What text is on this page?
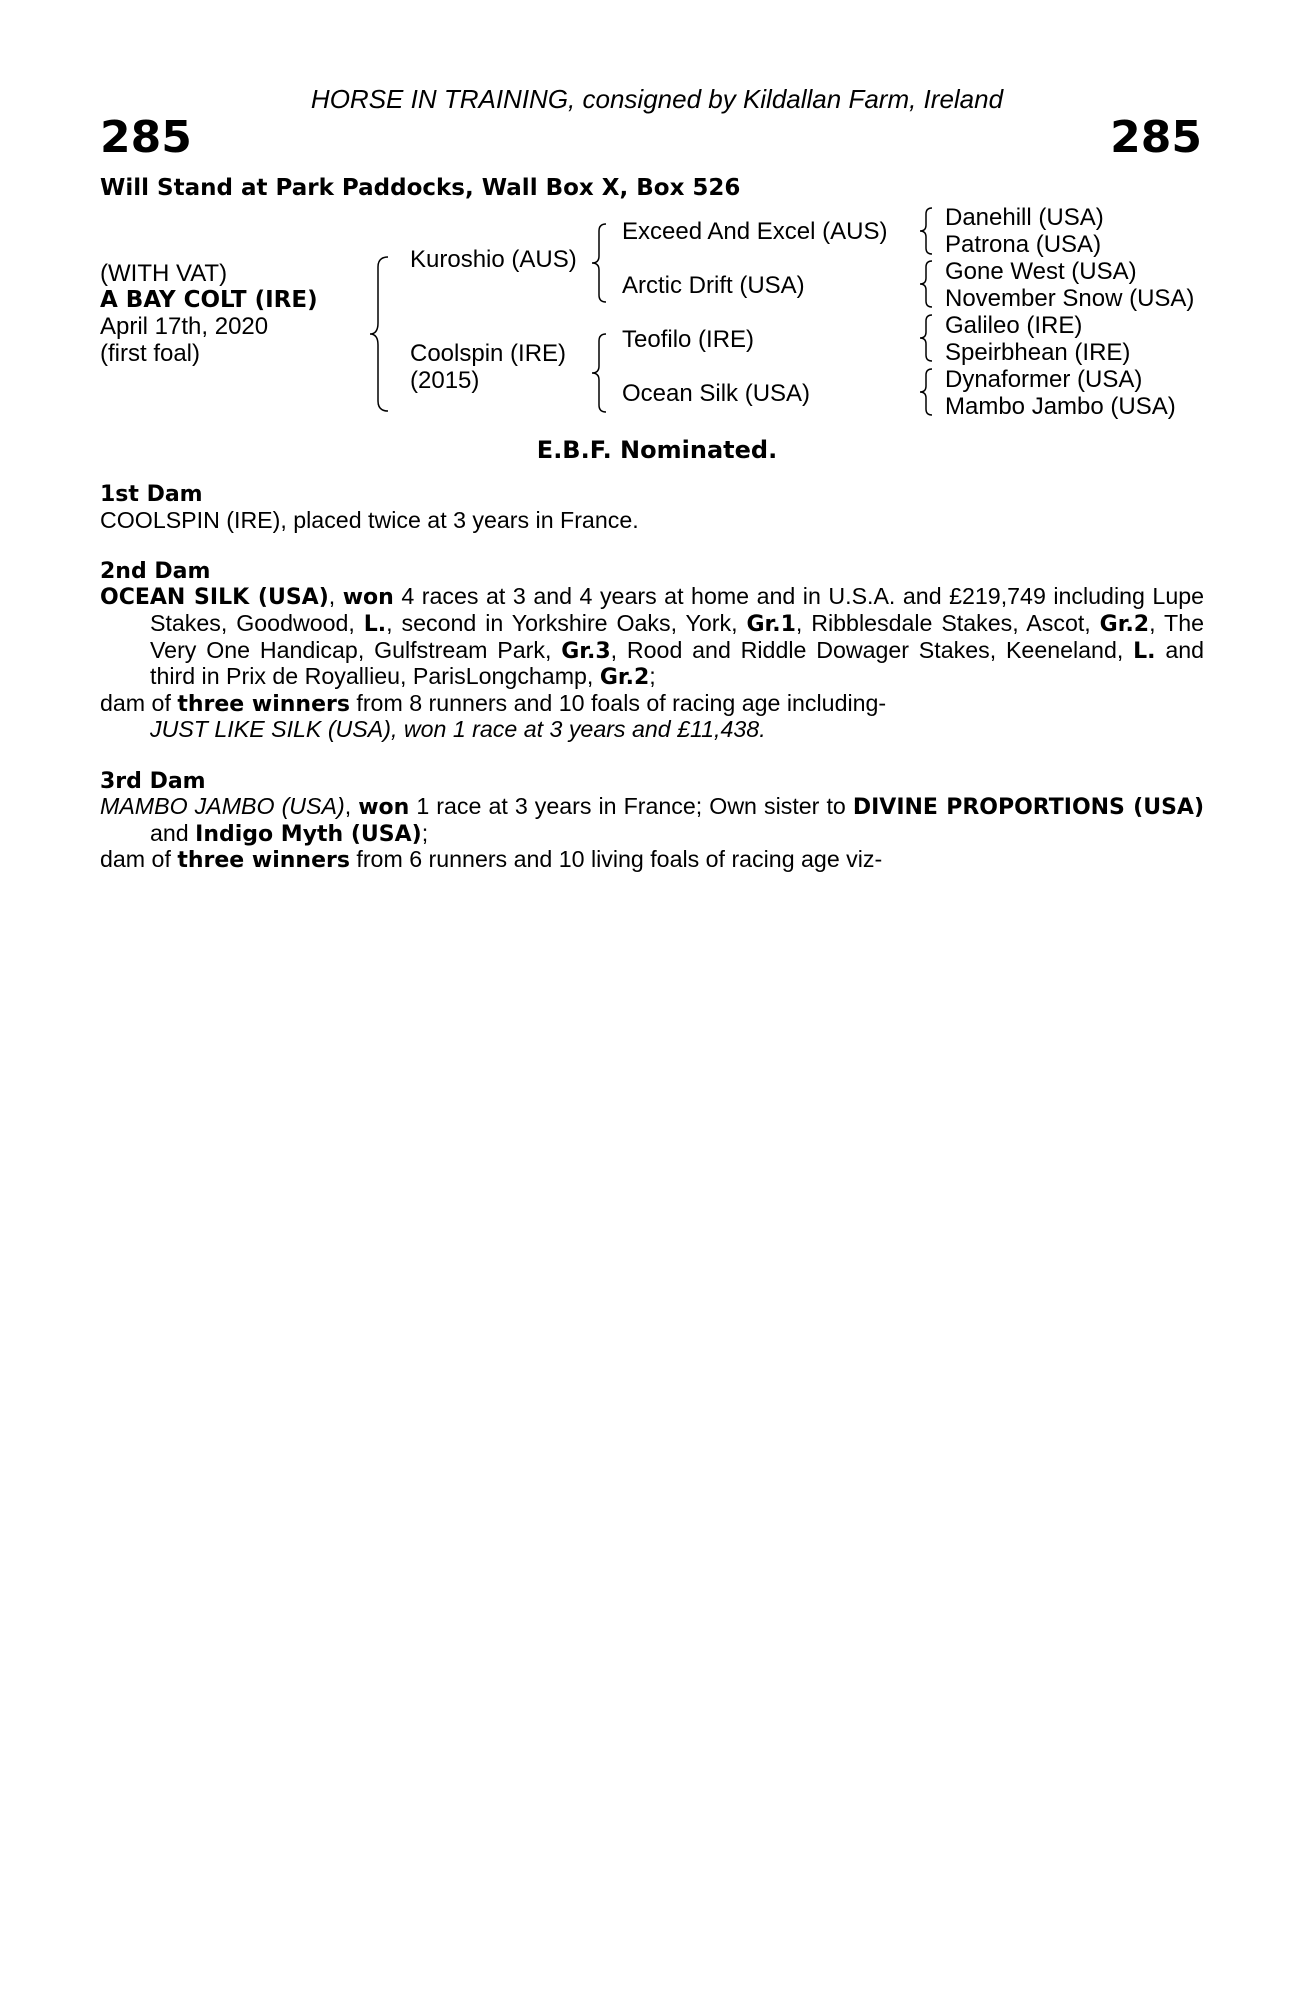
HORSE IN TRAINING, consigned by Kildallan Farm, Ireland
285	285
Will Stand at Park Paddocks, Wall Box X, Box 526
(WITH VAT)
A BAY COLT (IRE)
April 17th, 2020
(first foal)
Kuroshio (AUS)
Coolspin (IRE)
(2015)
Exceed And Excel (AUS)
Arctic Drift (USA)
Teofilo (IRE)
Ocean Silk (USA)
Danehill (USA)
Patrona (USA)
Gone West (USA)
November Snow (USA)
Galileo (IRE)
Speirbhean (IRE)
Dynaformer (USA)
Mambo Jambo (USA)
E.B.F. Nominated.

1st Dam

COOLSPIN (IRE), placed twice at 3 years in France.

2nd Dam

OCEAN SILK (USA), won 4 races at 3 and 4 years at home and in U.S.A. and £219,749 including Lupe Stakes, Goodwood, L., second in Yorkshire Oaks, York, Gr.1, Ribblesdale Stakes, Ascot, Gr.2, The Very One Handicap, Gulfstream Park, Gr.3, Rood and Riddle Dowager Stakes, Keeneland, L. and third in Prix de Royallieu, ParisLongchamp, Gr.2;

dam of three winners from 8 runners and 10 foals of racing age including-

JUST LIKE SILK (USA), won 1 race at 3 years and £11,438.

3rd Dam

MAMBO JAMBO (USA), won 1 race at 3 years in France; Own sister to DIVINE PROPORTIONS (USA) and Indigo Myth (USA);

dam of three winners from 6 runners and 10 living foals of racing age viz-
